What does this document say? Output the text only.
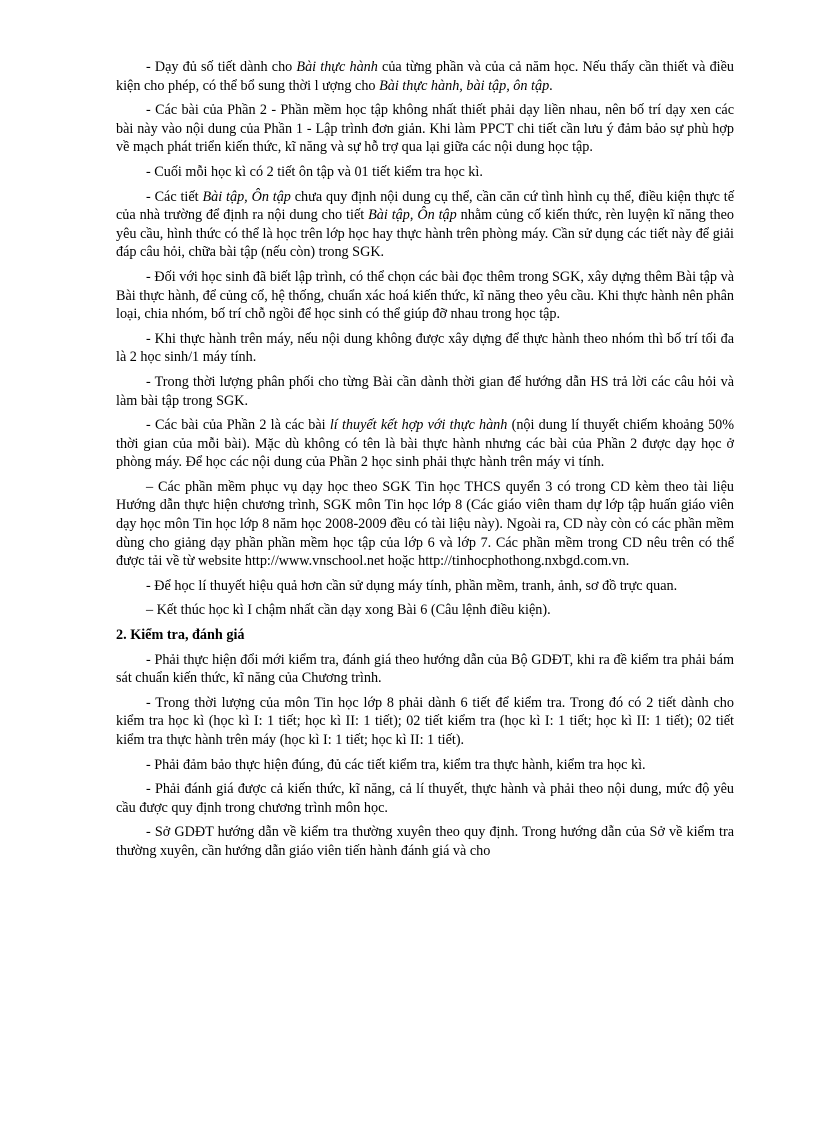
- Dạy đủ số tiết dành cho Bài thực hành của từng phần và của cả năm học. Nếu thấy cần thiết và điều kiện cho phép, có thể bổ sung thời l ượng cho Bài thực hành, bài tập, ôn tập.

- Các bài của Phần 2 - Phần mềm học tập không nhất thiết phải dạy liền nhau, nên bố trí dạy xen các bài này vào nội dung của Phần 1 - Lập trình đơn giản. Khi làm PPCT chi tiết cần lưu ý đảm bảo sự phù hợp về mạch phát triển kiến thức, kĩ năng và sự hỗ trợ qua lại giữa các nội dung học tập.

- Cuối mỗi học kì có 2 tiết ôn tập và 01 tiết kiểm tra học kì.

- Các tiết Bài tập, Ôn tập chưa quy định nội dung cụ thể, cần căn cứ tình hình cụ thể, điều kiện thực tế của nhà trường để định ra nội dung cho tiết Bài tập, Ôn tập nhằm củng cố kiến thức, rèn luyện kĩ năng theo yêu cầu, hình thức có thể là học trên lớp học hay thực hành trên phòng máy. Cần sử dụng các tiết này để giải đáp câu hỏi, chữa bài tập (nếu còn) trong SGK.

- Đối với học sinh đã biết lập trình, có thể chọn các bài đọc thêm trong SGK, xây dựng thêm Bài tập và Bài thực hành, để củng cố, hệ thống, chuẩn xác hoá kiến thức, kĩ năng theo yêu cầu. Khi thực hành nên phân loại, chia nhóm, bố trí chỗ ngồi để học sinh có thể giúp đỡ nhau trong học tập.

- Khi thực hành trên máy, nếu nội dung không được xây dựng để thực hành theo nhóm thì bố trí tối đa là 2 học sinh/1 máy tính.

- Trong thời lượng phân phối cho từng Bài cần dành thời gian để hướng dẫn HS trả lời các câu hỏi và làm bài tập trong SGK.

- Các bài của Phần 2 là các bài lí thuyết kết hợp với thực hành (nội dung lí thuyết chiếm khoảng 50% thời gian của mỗi bài). Mặc dù không có tên là bài thực hành nhưng các bài của Phần 2 được dạy học ở phòng máy. Để học các nội dung của Phần 2 học sinh phải thực hành trên máy vi tính.

– Các phần mềm phục vụ dạy học theo SGK Tin học THCS quyển 3 có trong CD kèm theo tài liệu Hướng dẫn thực hiện chương trình, SGK môn Tin học lớp 8 (Các giáo viên tham dự lớp tập huấn giáo viên dạy học môn Tin học lớp 8 năm học 2008-2009 đều có tài liệu này). Ngoài ra, CD này còn có các phần mềm dùng cho giảng dạy phần phần mềm học tập của lớp 6 và lớp 7. Các phần mềm trong CD nêu trên có thể được tải về từ website http://www.vnschool.net hoặc http://tinhocphothong.nxbgd.com.vn.

- Để học lí thuyết hiệu quả hơn cần sử dụng máy tính, phần mềm, tranh, ảnh, sơ đồ trực quan.

– Kết thúc học kì I chậm nhất cần dạy xong Bài 6 (Câu lệnh điều kiện).

2. Kiểm tra, đánh giá

- Phải thực hiện đổi mới kiểm tra, đánh giá theo hướng dẫn của Bộ GDĐT, khi ra đề kiểm tra phải bám sát chuẩn kiến thức, kĩ năng của Chương trình.

- Trong thời lượng của môn Tin học lớp 8 phải dành 6 tiết để kiểm tra. Trong đó có 2 tiết dành cho kiểm tra học kì (học kì I: 1 tiết; học kì II: 1 tiết); 02 tiết kiểm tra (học kì I: 1 tiết; học kì II: 1 tiết); 02 tiết kiểm tra thực hành trên máy (học kì I: 1 tiết; học kì II: 1 tiết).

- Phải đảm bảo thực hiện đúng, đủ các tiết kiểm tra, kiểm tra thực hành, kiểm tra học kì.

- Phải đánh giá được cả kiến thức, kĩ năng, cả lí thuyết, thực hành và phải theo nội dung, mức độ yêu cầu được quy định trong chương trình môn học.

- Sở GDĐT hướng dẫn về kiểm tra thường xuyên theo quy định. Trong hướng dẫn của Sở về kiểm tra thường xuyên, cần hướng dẫn giáo viên tiến hành đánh giá và cho
